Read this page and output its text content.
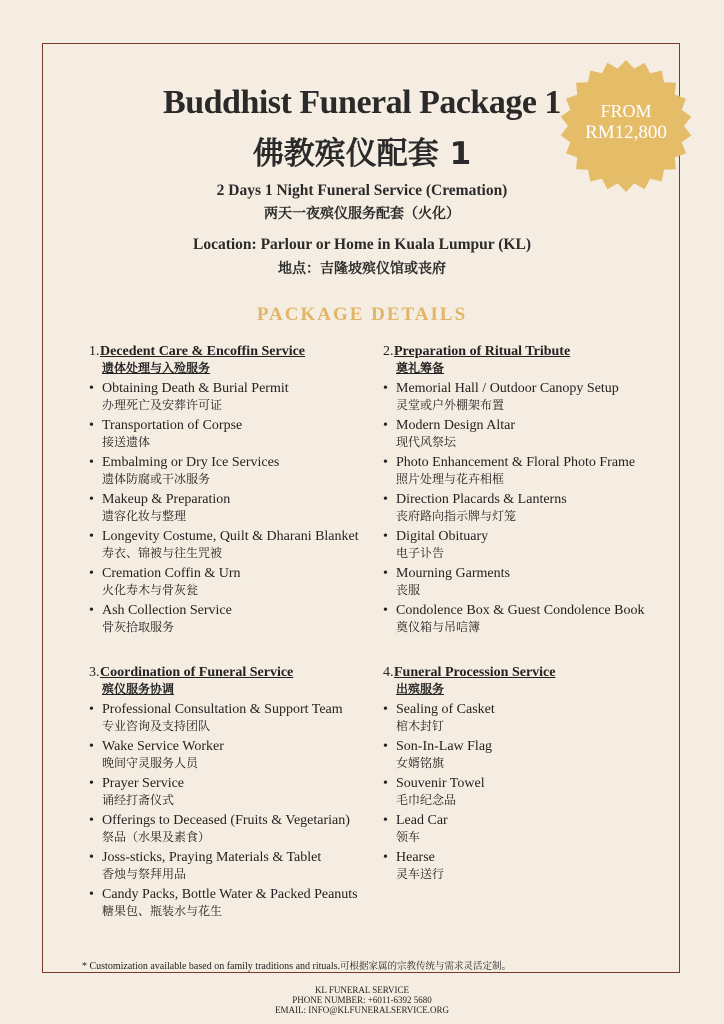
FROM
RM12,800
Buddhist Funeral Package 1
佛教殡仪配套 1
2 Days 1 Night Funeral Service (Cremation)
两天一夜殡仪服务配套（火化）
Location: Parlour or Home in Kuala Lumpur (KL)
地点：吉隆坡殡仪馆或丧府
PACKAGE DETAILS
1.Decedent Care & Encoffin Service
遗体处理与入殓服务
• Obtaining Death & Burial Permit
办理死亡及安葬许可证
• Transportation of Corpse
接送遗体
• Embalming or Dry Ice Services
遗体防腐或干冰服务
• Makeup & Preparation
遗容化妆与整理
• Longevity Costume, Quilt & Dharani Blanket
寿衣、锦被与往生咒被
• Cremation Coffin & Urn
火化寿木与骨灰瓮
• Ash Collection Service
骨灰拾取服务
2.Preparation of Ritual Tribute
奠礼筹备
• Memorial Hall / Outdoor Canopy Setup
灵堂或户外棚架布置
• Modern Design Altar
现代风祭坛
• Photo Enhancement & Floral Photo Frame
照片处理与花卉相框
• Direction Placards & Lanterns
丧府路向指示牌与灯笼
• Digital Obituary
电子讣告
• Mourning Garments
丧服
• Condolence Box & Guest Condolence Book
奠仪箱与吊唁簿
3.Coordination of Funeral Service
殡仪服务协调
• Professional Consultation & Support Team
专业咨询及支持团队
• Wake Service Worker
晚间守灵服务人员
• Prayer Service
诵经打斋仪式
• Offerings to Deceased (Fruits & Vegetarian)
祭品（水果及素食）
• Joss-sticks, Praying Materials & Tablet
香烛与祭拜用品
• Candy Packs, Bottle Water & Packed Peanuts
糖果包、瓶装水与花生
4.Funeral Procession Service
出殡服务
• Sealing of Casket
棺木封钉
• Son-In-Law Flag
女婿铭旗
• Souvenir Towel
毛巾纪念品
• Lead Car
领车
• Hearse
灵车送行
* Customization available based on family traditions and rituals.可根据家属的宗教传统与需求灵活定制。
KL FUNERAL SERVICE
PHONE NUMBER: +6011-6392 5680
EMAIL: INFO@KLFUNERALSERVICE.ORG
